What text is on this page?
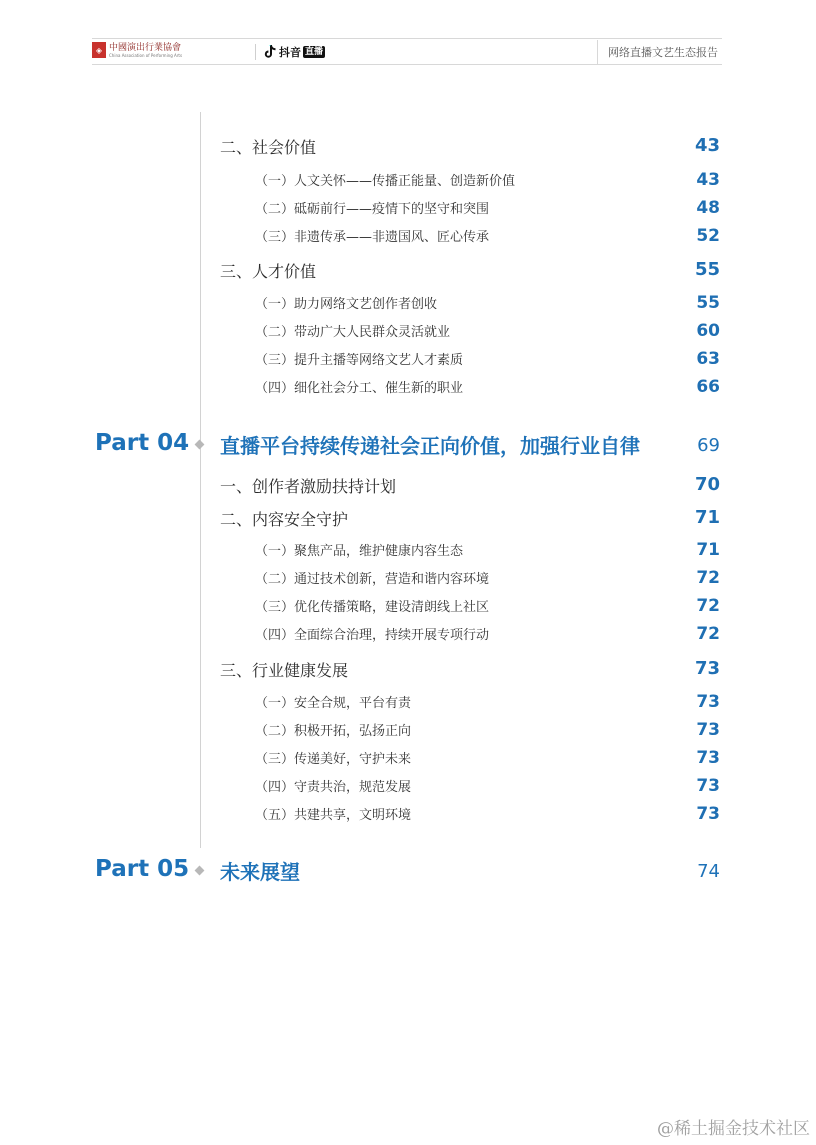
◈ 中國演出行業協會
China Association of Performing Arts	抖音 直播	网络直播文艺生态报告
二、社会价值	43
（一）人文关怀——传播正能量、创造新价值	43
（二）砥砺前行——疫情下的坚守和突围	48
（三）非遗传承——非遗国风、匠心传承	52
三、人才价值	55
（一）助力网络文艺创作者创收	55
（二）带动广大人民群众灵活就业	60
（三）提升主播等网络文艺人才素质	63
（四）细化社会分工、催生新的职业	66
Part 04 直播平台持续传递社会正向价值，加强行业自律	69
一、创作者激励扶持计划	70
二、内容安全守护	71
（一）聚焦产品，维护健康内容生态	71
（二）通过技术创新，营造和谐内容环境	72
（三）优化传播策略，建设清朗线上社区	72
（四）全面综合治理，持续开展专项行动	72
三、行业健康发展	73
（一）安全合规，平台有责	73
（二）积极开拓，弘扬正向	73
（三）传递美好，守护未来	73
（四）守责共治，规范发展	73
（五）共建共享，文明环境	73
Part 05 未来展望	74
@稀土掘金技术社区
